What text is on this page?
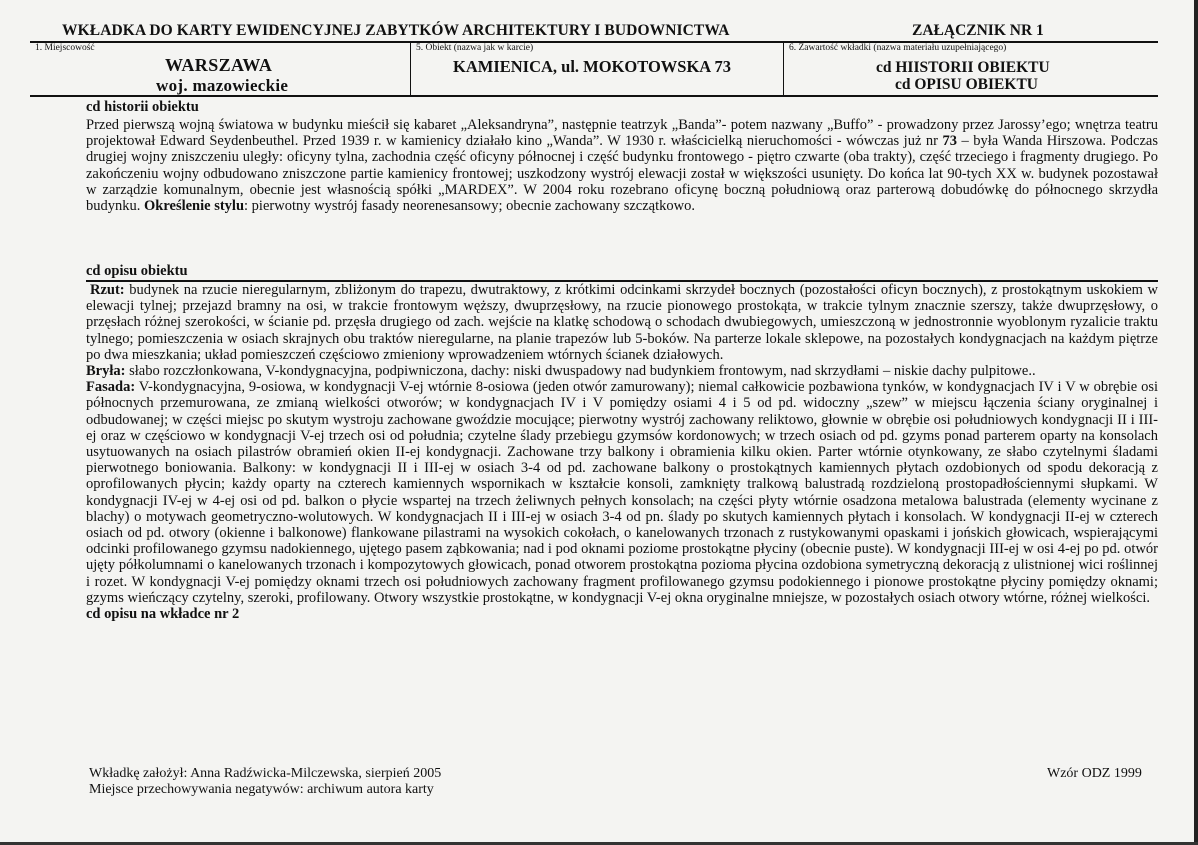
WKŁADKA DO KARTY EWIDENCYJNEJ ZABYTKÓW ARCHITEKTURY I BUDOWNICTWA	ZAŁĄCZNIK NR 1
1. Miejscowość
WARSZAWA
woj. mazowieckie
5. Obiekt (nazwa jak w karcie)
KAMIENICA, ul. MOKOTOWSKA 73
6. Zawartość wkładki (nazwa materiału uzupełniającego)
cd HIISTORII OBIEKTU
cd OPISU OBIEKTU
cd historii obiektu
Przed pierwszą wojną światowa w budynku mieścił się kabaret „Aleksandryna”, następnie teatrzyk „Banda”- potem nazwany „Buffo” - prowadzony przez Jarossy’ego; wnętrza teatru projektował Edward Seydenbeuthel. Przed 1939 r. w kamienicy działało kino „Wanda”. W 1930 r. właścicielką nieruchomości - wówczas już nr 73 – była Wanda Hirszowa. Podczas drugiej wojny zniszczeniu uległy: oficyny tylna, zachodnia część oficyny północnej i część budynku frontowego - piętro czwarte (oba trakty), część trzeciego i fragmenty drugiego. Po zakończeniu wojny odbudowano zniszczone partie kamienicy frontowej; uszkodzony wystrój elewacji został w większości usunięty. Do końca lat 90-tych XX w. budynek pozostawał w zarządzie komunalnym, obecnie jest własnością spółki „MARDEX”. W 2004 roku rozebrano oficynę boczną południową oraz parterową dobudówkę do północnego skrzydła budynku. Określenie stylu: pierwotny wystrój fasady neorenesansowy; obecnie zachowany szczątkowo.
cd opisu obiektu

Rzut: budynek na rzucie nieregularnym, zbliżonym do trapezu, dwutraktowy, z krótkimi odcinkami skrzydeł bocznych (pozostałości oficyn bocznych), z prostokątnym uskokiem w elewacji tylnej; przejazd bramny na osi, w trakcie frontowym węższy, dwuprzęsłowy, na rzucie pionowego prostokąta, w trakcie tylnym znacznie szerszy, także dwuprzęsłowy, o przęsłach różnej szerokości, w ścianie pd. przęsła drugiego od zach. wejście na klatkę schodową o schodach dwubiegowych, umieszczoną w jednostronnie wyoblonym ryzalicie traktu tylnego; pomieszczenia w osiach skrajnych obu traktów nieregularne, na planie trapezów lub 5-boków. Na parterze lokale sklepowe, na pozostałych kondygnacjach na każdym piętrze po dwa mieszkania; układ pomieszczeń częściowo zmieniony wprowadzeniem wtórnych ścianek działowych.

Bryła: słabo rozczłonkowana, V-kondygnacyjna, podpiwniczona, dachy: niski dwuspadowy nad budynkiem frontowym, nad skrzydłami – niskie dachy pulpitowe..

Fasada: V-kondygnacyjna, 9-osiowa, w kondygnacji V-ej wtórnie 8-osiowa (jeden otwór zamurowany); niemal całkowicie pozbawiona tynków, w kondygnacjach IV i V w obrębie osi północnych przemurowana, ze zmianą wielkości otworów; w kondygnacjach IV i V pomiędzy osiami 4 i 5 od pd. widoczny „szew” w miejscu łączenia ściany oryginalnej i odbudowanej; w części miejsc po skutym wystroju zachowane gwoździe mocujące; pierwotny wystrój zachowany reliktowo, głownie w obrębie osi południowych kondygnacji II i III-ej oraz w częściowo w kondygnacji V-ej trzech osi od południa; czytelne ślady przebiegu gzymsów kordonowych; w trzech osiach od pd. gzyms ponad parterem oparty na konsolach usytuowanych na osiach pilastrów obramień okien II-ej kondygnacji. Zachowane trzy balkony i obramienia kilku okien. Parter wtórnie otynkowany, ze słabo czytelnymi śladami pierwotnego boniowania. Balkony: w kondygnacji II i III-ej w osiach 3-4 od pd. zachowane balkony o prostokątnych kamiennych płytach ozdobionych od spodu dekoracją z oprofilowanych płycin; każdy oparty na czterech kamiennych wspornikach w kształcie konsoli, zamknięty tralkową balustradą rozdzieloną prostopadłościennymi słupkami. W kondygnacji IV-ej w 4-ej osi od pd. balkon o płycie wspartej na trzech żeliwnych pełnych konsolach; na części płyty wtórnie osadzona metalowa balustrada (elementy wycinane z blachy) o motywach geometryczno-wolutowych. W kondygnacjach II i III-ej w osiach 3-4 od pn. ślady po skutych kamiennych płytach i konsolach. W kondygnacji II-ej w czterech osiach od pd. otwory (okienne i balkonowe) flankowane pilastrami na wysokich cokołach, o kanelowanych trzonach z rustykowanymi opaskami i jońskich głowicach, wspierającymi odcinki profilowanego gzymsu nadokiennego, ujętego pasem ząbkowania; nad i pod oknami poziome prostokątne płyciny (obecnie puste). W kondygnacji III-ej w osi 4-ej po pd. otwór ujęty półkolumnami o kanelowanych trzonach i kompozytowych głowicach, ponad otworem prostokątna pozioma płycina ozdobiona symetryczną dekoracją z ulistnionej wici roślinnej i rozet. W kondygnacji V-ej pomiędzy oknami trzech osi południowych zachowany fragment profilowanego gzymsu podokiennego i pionowe prostokątne płyciny pomiędzy oknami; gzyms wieńczący czytelny, szeroki, profilowany. Otwory wszystkie prostokątne, w kondygnacji V-ej okna oryginalne mniejsze, w pozostałych osiach otwory wtórne, różnej wielkości.

cd opisu na wkładce nr 2

Wkładkę założył: Anna Radźwicka-Milczewska, sierpień 2005
Miejsce przechowywania negatywów: archiwum autora karty
Wzór ODZ 1999
